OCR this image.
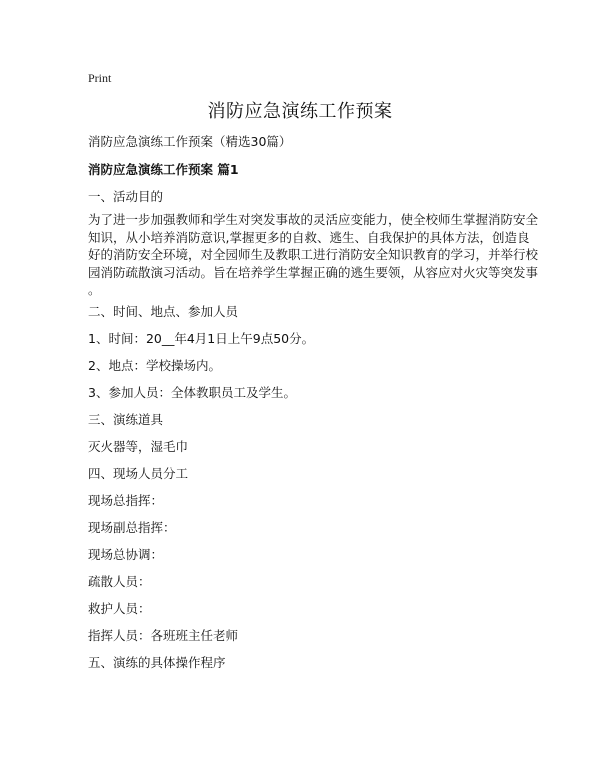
Print
消防应急演练工作预案
消防应急演练工作预案（精选30篇）
消防应急演练工作预案 篇1
一、活动目的
为了进一步加强教师和学生对突发事故的灵活应变能力，使全校师生掌握消防安全
知识，从小培养消防意识,掌握更多的自救、逃生、自我保护的具体方法，创造良
好的消防安全环境，对全园师生及教职工进行消防安全知识教育的学习，并举行校
园消防疏散演习活动。旨在培养学生掌握正确的逃生要领，从容应对火灾等突发事
。
二、时间、地点、参加人员
1、时间：20__年4月1日上午9点50分。
2、地点：学校操场内。
3、参加人员：全体教职员工及学生。
三、演练道具
灭火器等，湿毛巾
四、现场人员分工
现场总指挥：
现场副总指挥：
现场总协调：
疏散人员：
救护人员：
指挥人员：各班班主任老师
五、演练的具体操作程序
